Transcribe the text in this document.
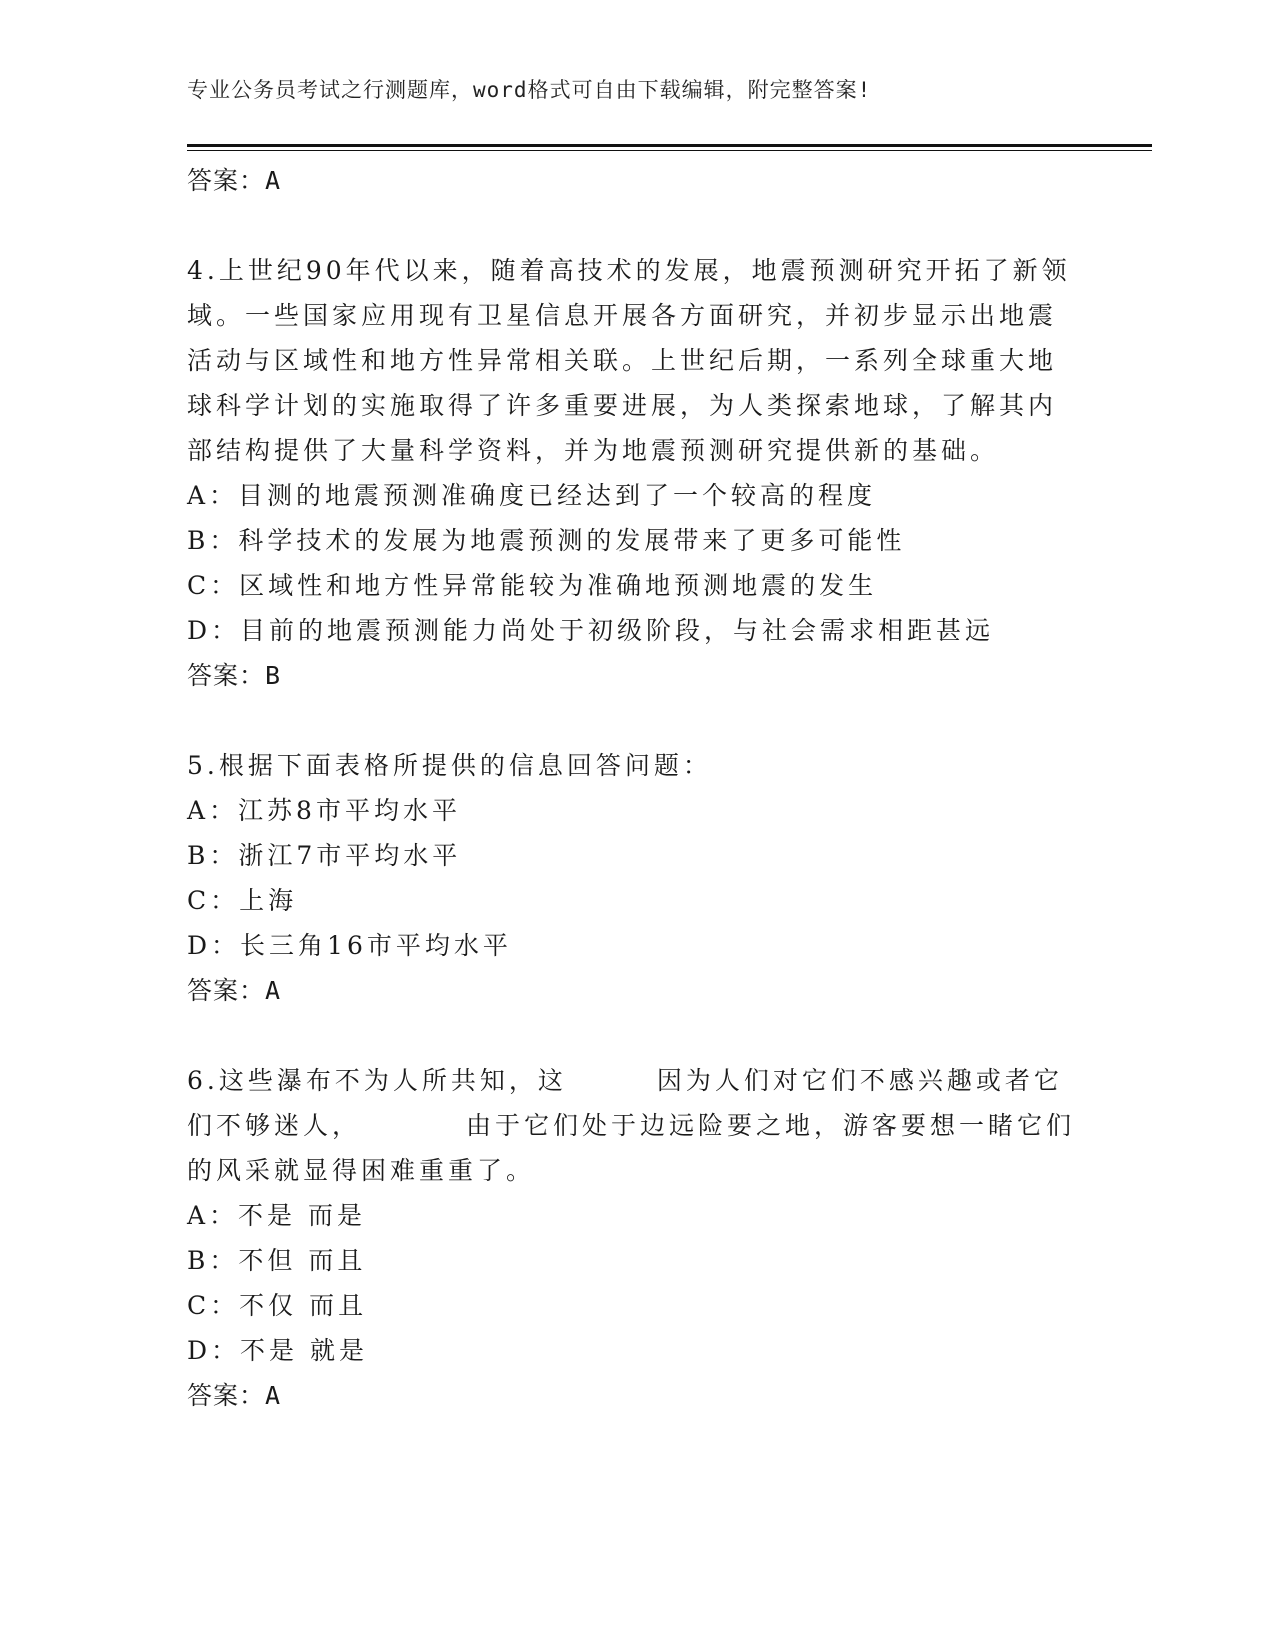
专业公务员考试之行测题库，word格式可自由下载编辑，附完整答案!
答案：A
4.上世纪90年代以来，随着高技术的发展，地震预测研究开拓了新领
域。一些国家应用现有卫星信息开展各方面研究，并初步显示出地震
活动与区域性和地方性异常相关联。上世纪后期，一系列全球重大地
球科学计划的实施取得了许多重要进展，为人类探索地球，了解其内
部结构提供了大量科学资料，并为地震预测研究提供新的基础。
A：目测的地震预测准确度已经达到了一个较高的程度
B：科学技术的发展为地震预测的发展带来了更多可能性
C：区域性和地方性异常能较为准确地预测地震的发生
D：目前的地震预测能力尚处于初级阶段，与社会需求相距甚远
答案：B
5.根据下面表格所提供的信息回答问题：
A：江苏8市平均水平
B：浙江7市平均水平
C：上海
D：长三角16市平均水平
答案：A
6.这些瀑布不为人所共知，这	因为人们对它们不感兴趣或者它
们不够迷人，	由于它们处于边远险要之地，游客要想一睹它们
的风采就显得困难重重了。
A：不是 而是
B：不但 而且
C：不仅 而且
D：不是 就是
答案：A
